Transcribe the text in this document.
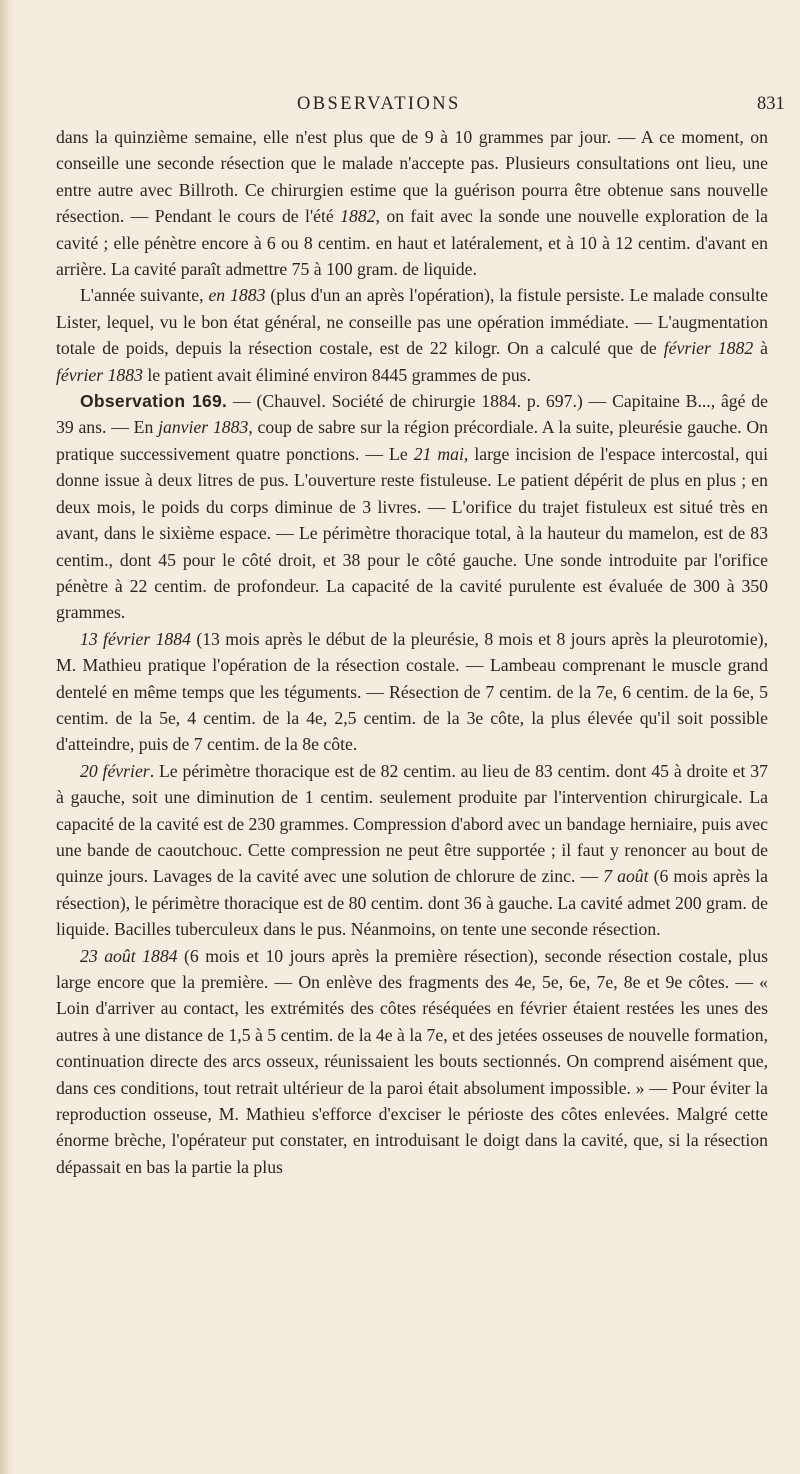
OBSERVATIONS	831

dans la quinzième semaine, elle n'est plus que de 9 à 10 grammes par jour. — A ce moment, on conseille une seconde résection que le malade n'accepte pas. Plusieurs consultations ont lieu, une entre autre avec Billroth. Ce chirurgien estime que la guérison pourra être obtenue sans nouvelle résection. — Pendant le cours de l'été 1882, on fait avec la sonde une nouvelle exploration de la cavité ; elle pénètre encore à 6 ou 8 centim. en haut et latéralement, et à 10 à 12 centim. d'avant en arrière. La cavité paraît admettre 75 à 100 gram. de liquide.

L'année suivante, en 1883 (plus d'un an après l'opération), la fistule persiste. Le malade consulte Lister, lequel, vu le bon état général, ne conseille pas une opération immédiate. — L'augmentation totale de poids, depuis la résection costale, est de 22 kilogr. On a calculé que de février 1882 à février 1883 le patient avait éliminé environ 8445 grammes de pus.

Observation 169. — (Chauvel. Société de chirurgie 1884. p. 697.) — Capitaine B..., âgé de 39 ans. — En janvier 1883, coup de sabre sur la région précordiale. A la suite, pleurésie gauche. On pratique successivement quatre ponctions. — Le 21 mai, large incision de l'espace intercostal, qui donne issue à deux litres de pus. L'ouverture reste fistuleuse. Le patient dépérit de plus en plus ; en deux mois, le poids du corps diminue de 3 livres. — L'orifice du trajet fistuleux est situé très en avant, dans le sixième espace. — Le périmètre thoracique total, à la hauteur du mamelon, est de 83 centim., dont 45 pour le côté droit, et 38 pour le côté gauche. Une sonde introduite par l'orifice pénètre à 22 centim. de profondeur. La capacité de la cavité purulente est évaluée de 300 à 350 grammes.

13 février 1884 (13 mois après le début de la pleurésie, 8 mois et 8 jours après la pleurotomie), M. Mathieu pratique l'opération de la résection costale. — Lambeau comprenant le muscle grand dentelé en même temps que les téguments. — Résection de 7 centim. de la 7e, 6 centim. de la 6e, 5 centim. de la 5e, 4 centim. de la 4e, 2,5 centim. de la 3e côte, la plus élevée qu'il soit possible d'atteindre, puis de 7 centim. de la 8e côte.

20 février. Le périmètre thoracique est de 82 centim. au lieu de 83 centim. dont 45 à droite et 37 à gauche, soit une diminution de 1 centim. seulement produite par l'intervention chirurgicale. La capacité de la cavité est de 230 grammes. Compression d'abord avec un bandage herniaire, puis avec une bande de caoutchouc. Cette compression ne peut être supportée ; il faut y renoncer au bout de quinze jours. Lavages de la cavité avec une solution de chlorure de zinc. — 7 août (6 mois après la résection), le périmètre thoracique est de 80 centim. dont 36 à gauche. La cavité admet 200 gram. de liquide. Bacilles tuberculeux dans le pus. Néanmoins, on tente une seconde résection.

23 août 1884 (6 mois et 10 jours après la première résection), seconde résection costale, plus large encore que la première. — On enlève des fragments des 4e, 5e, 6e, 7e, 8e et 9e côtes. — « Loin d'arriver au contact, les extrémités des côtes réséquées en février étaient restées les unes des autres à une distance de 1,5 à 5 centim. de la 4e à la 7e, et des jetées osseuses de nouvelle formation, continuation directe des arcs osseux, réunissaient les bouts sectionnés. On comprend aisément que, dans ces conditions, tout retrait ultérieur de la paroi était absolument impossible. » — Pour éviter la reproduction osseuse, M. Mathieu s'efforce d'exciser le périoste des côtes enlevées. Malgré cette énorme brèche, l'opérateur put constater, en introduisant le doigt dans la cavité, que, si la résection dépassait en bas la partie la plus
